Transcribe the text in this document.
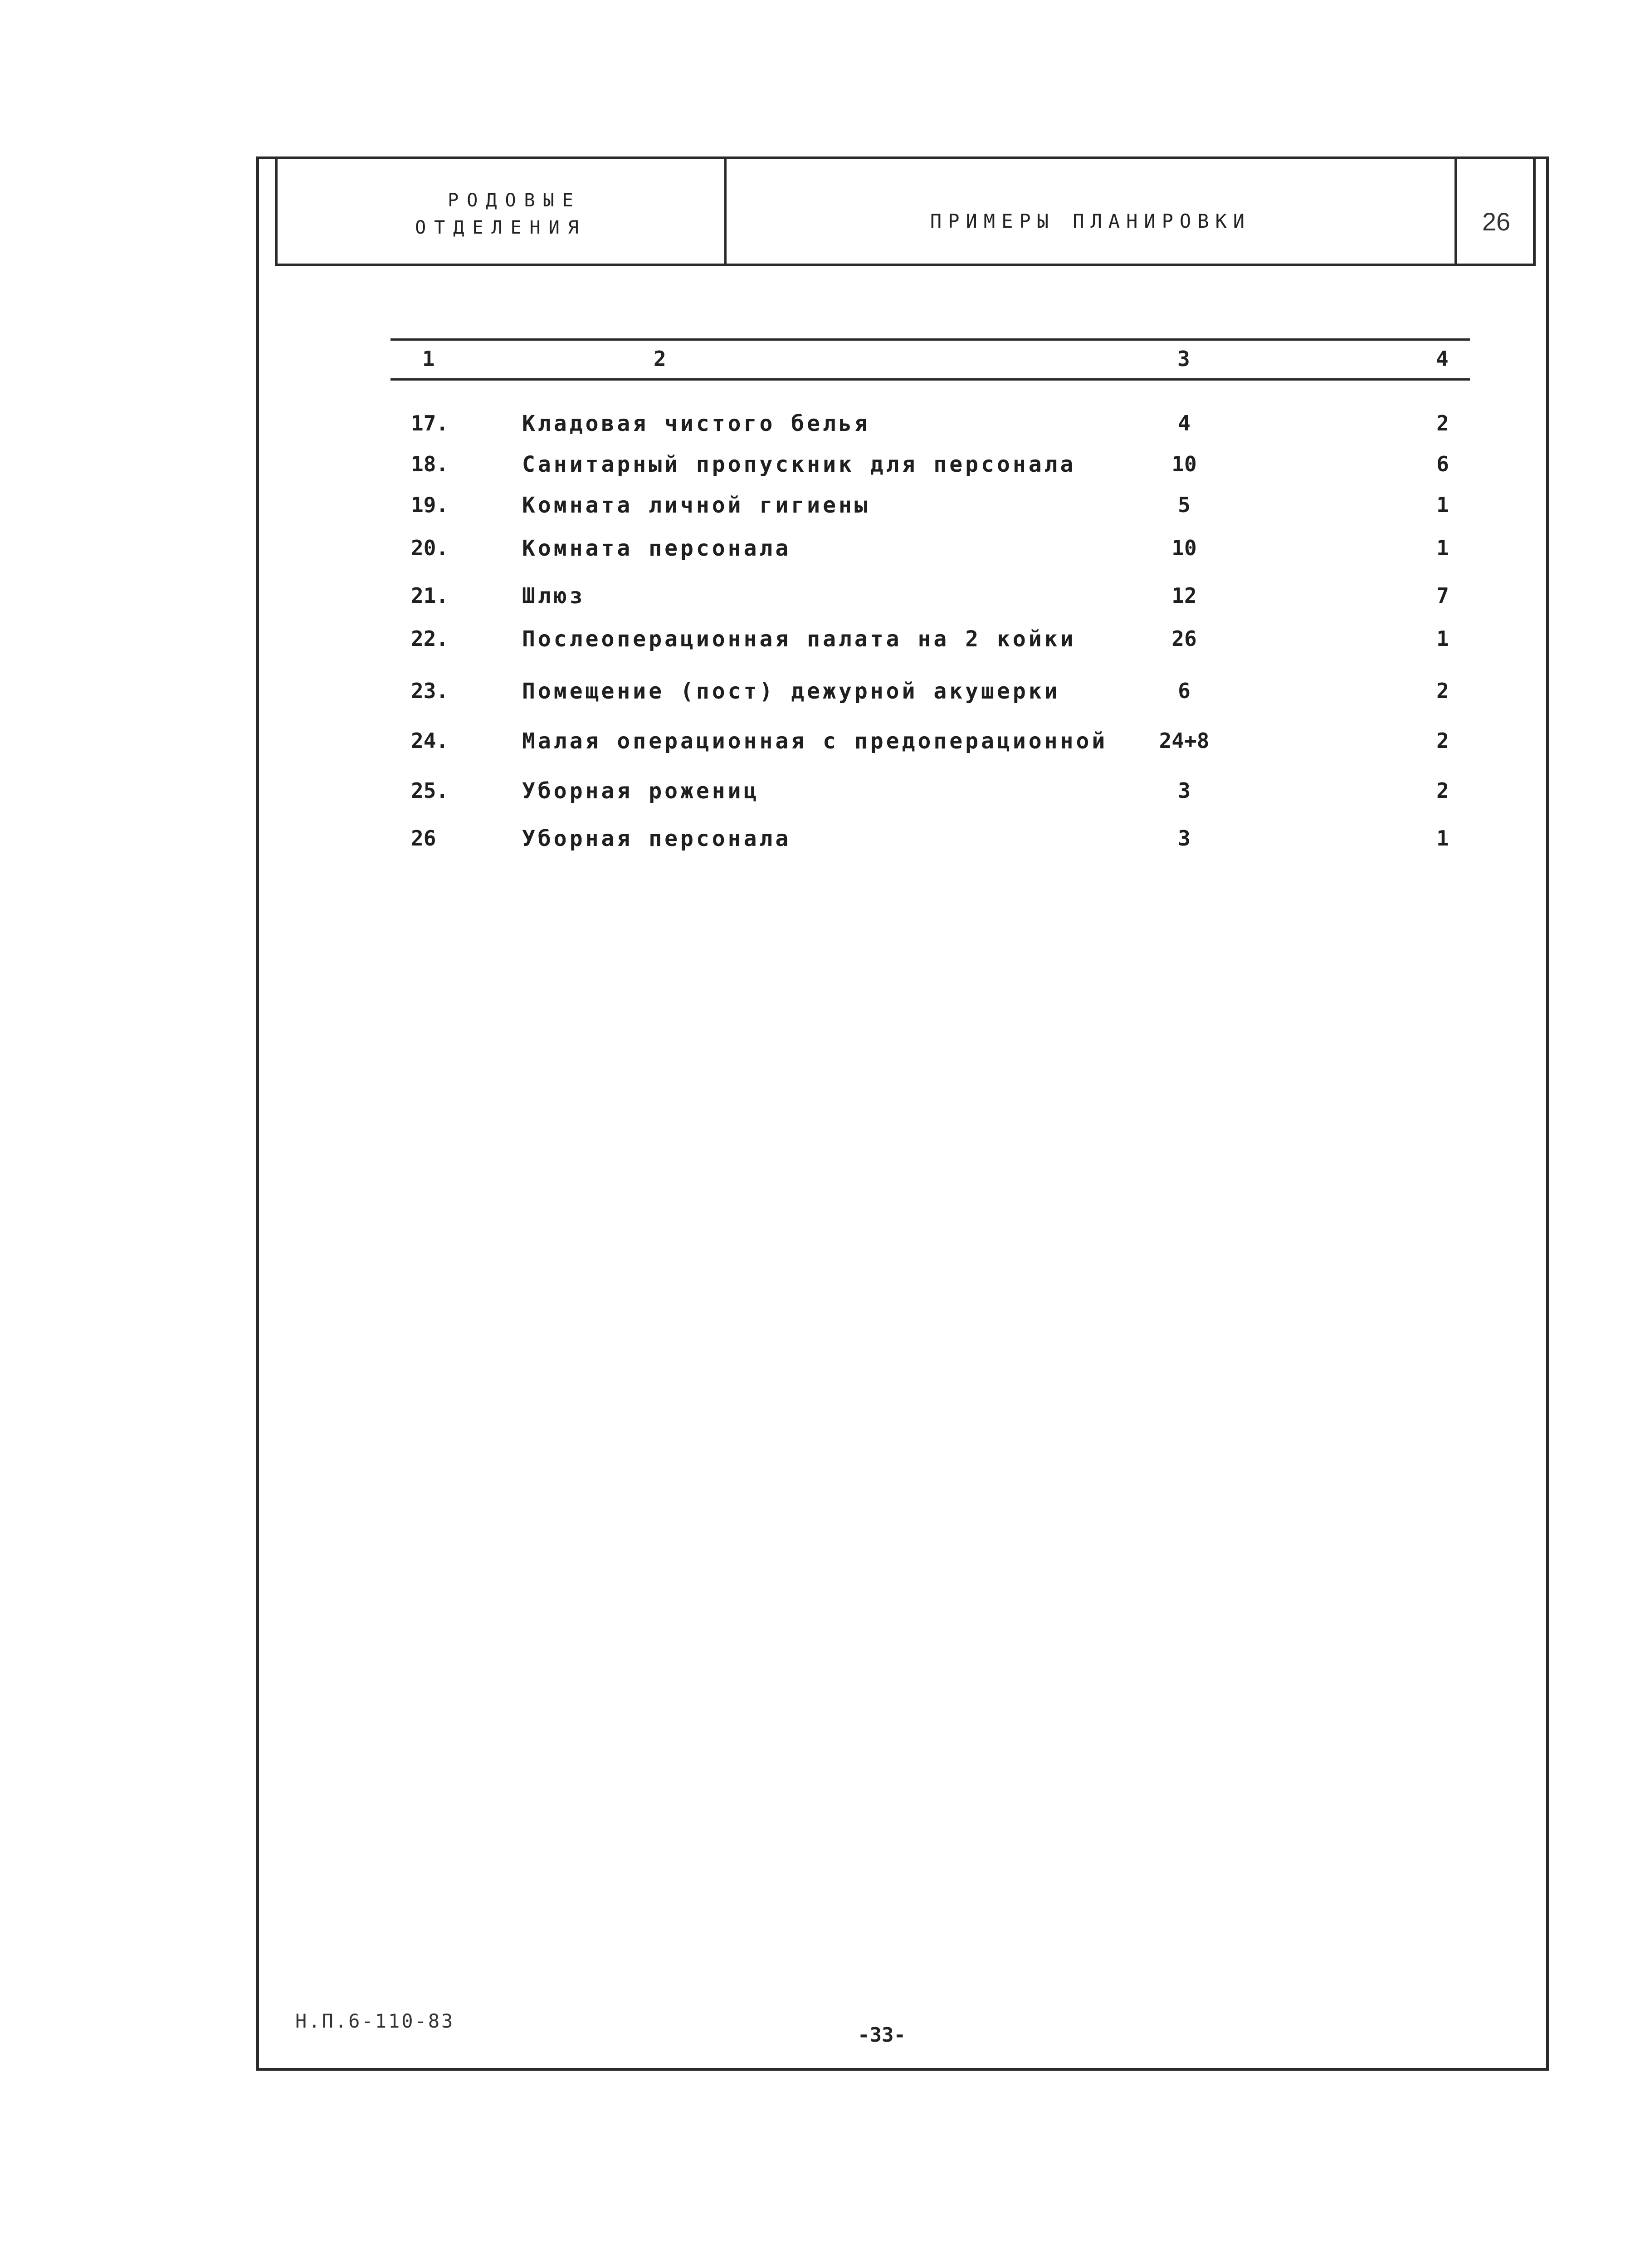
РОДОВЫЕ
ОТДЕЛЕНИЯ	ПРИМЕРЫ ПЛАНИРОВКИ	26
1	2	3	4
17.	Кладовая чистого белья	4	2
18.	Санитарный пропускник для персонала	10	6
19.	Комната личной гигиены	5	1
20.	Комната персонала	10	1
21.	Шлюз	12	7
22.	Послеоперационная палата на 2 койки	26	1
23.	Помещение (пост) дежурной акушерки	6	2
24.	Малая операционная с предоперационной	24+8	2
25.	Уборная рожениц	3	2
26	Уборная персонала	3	1
Н.П.6-110-83
-33-
